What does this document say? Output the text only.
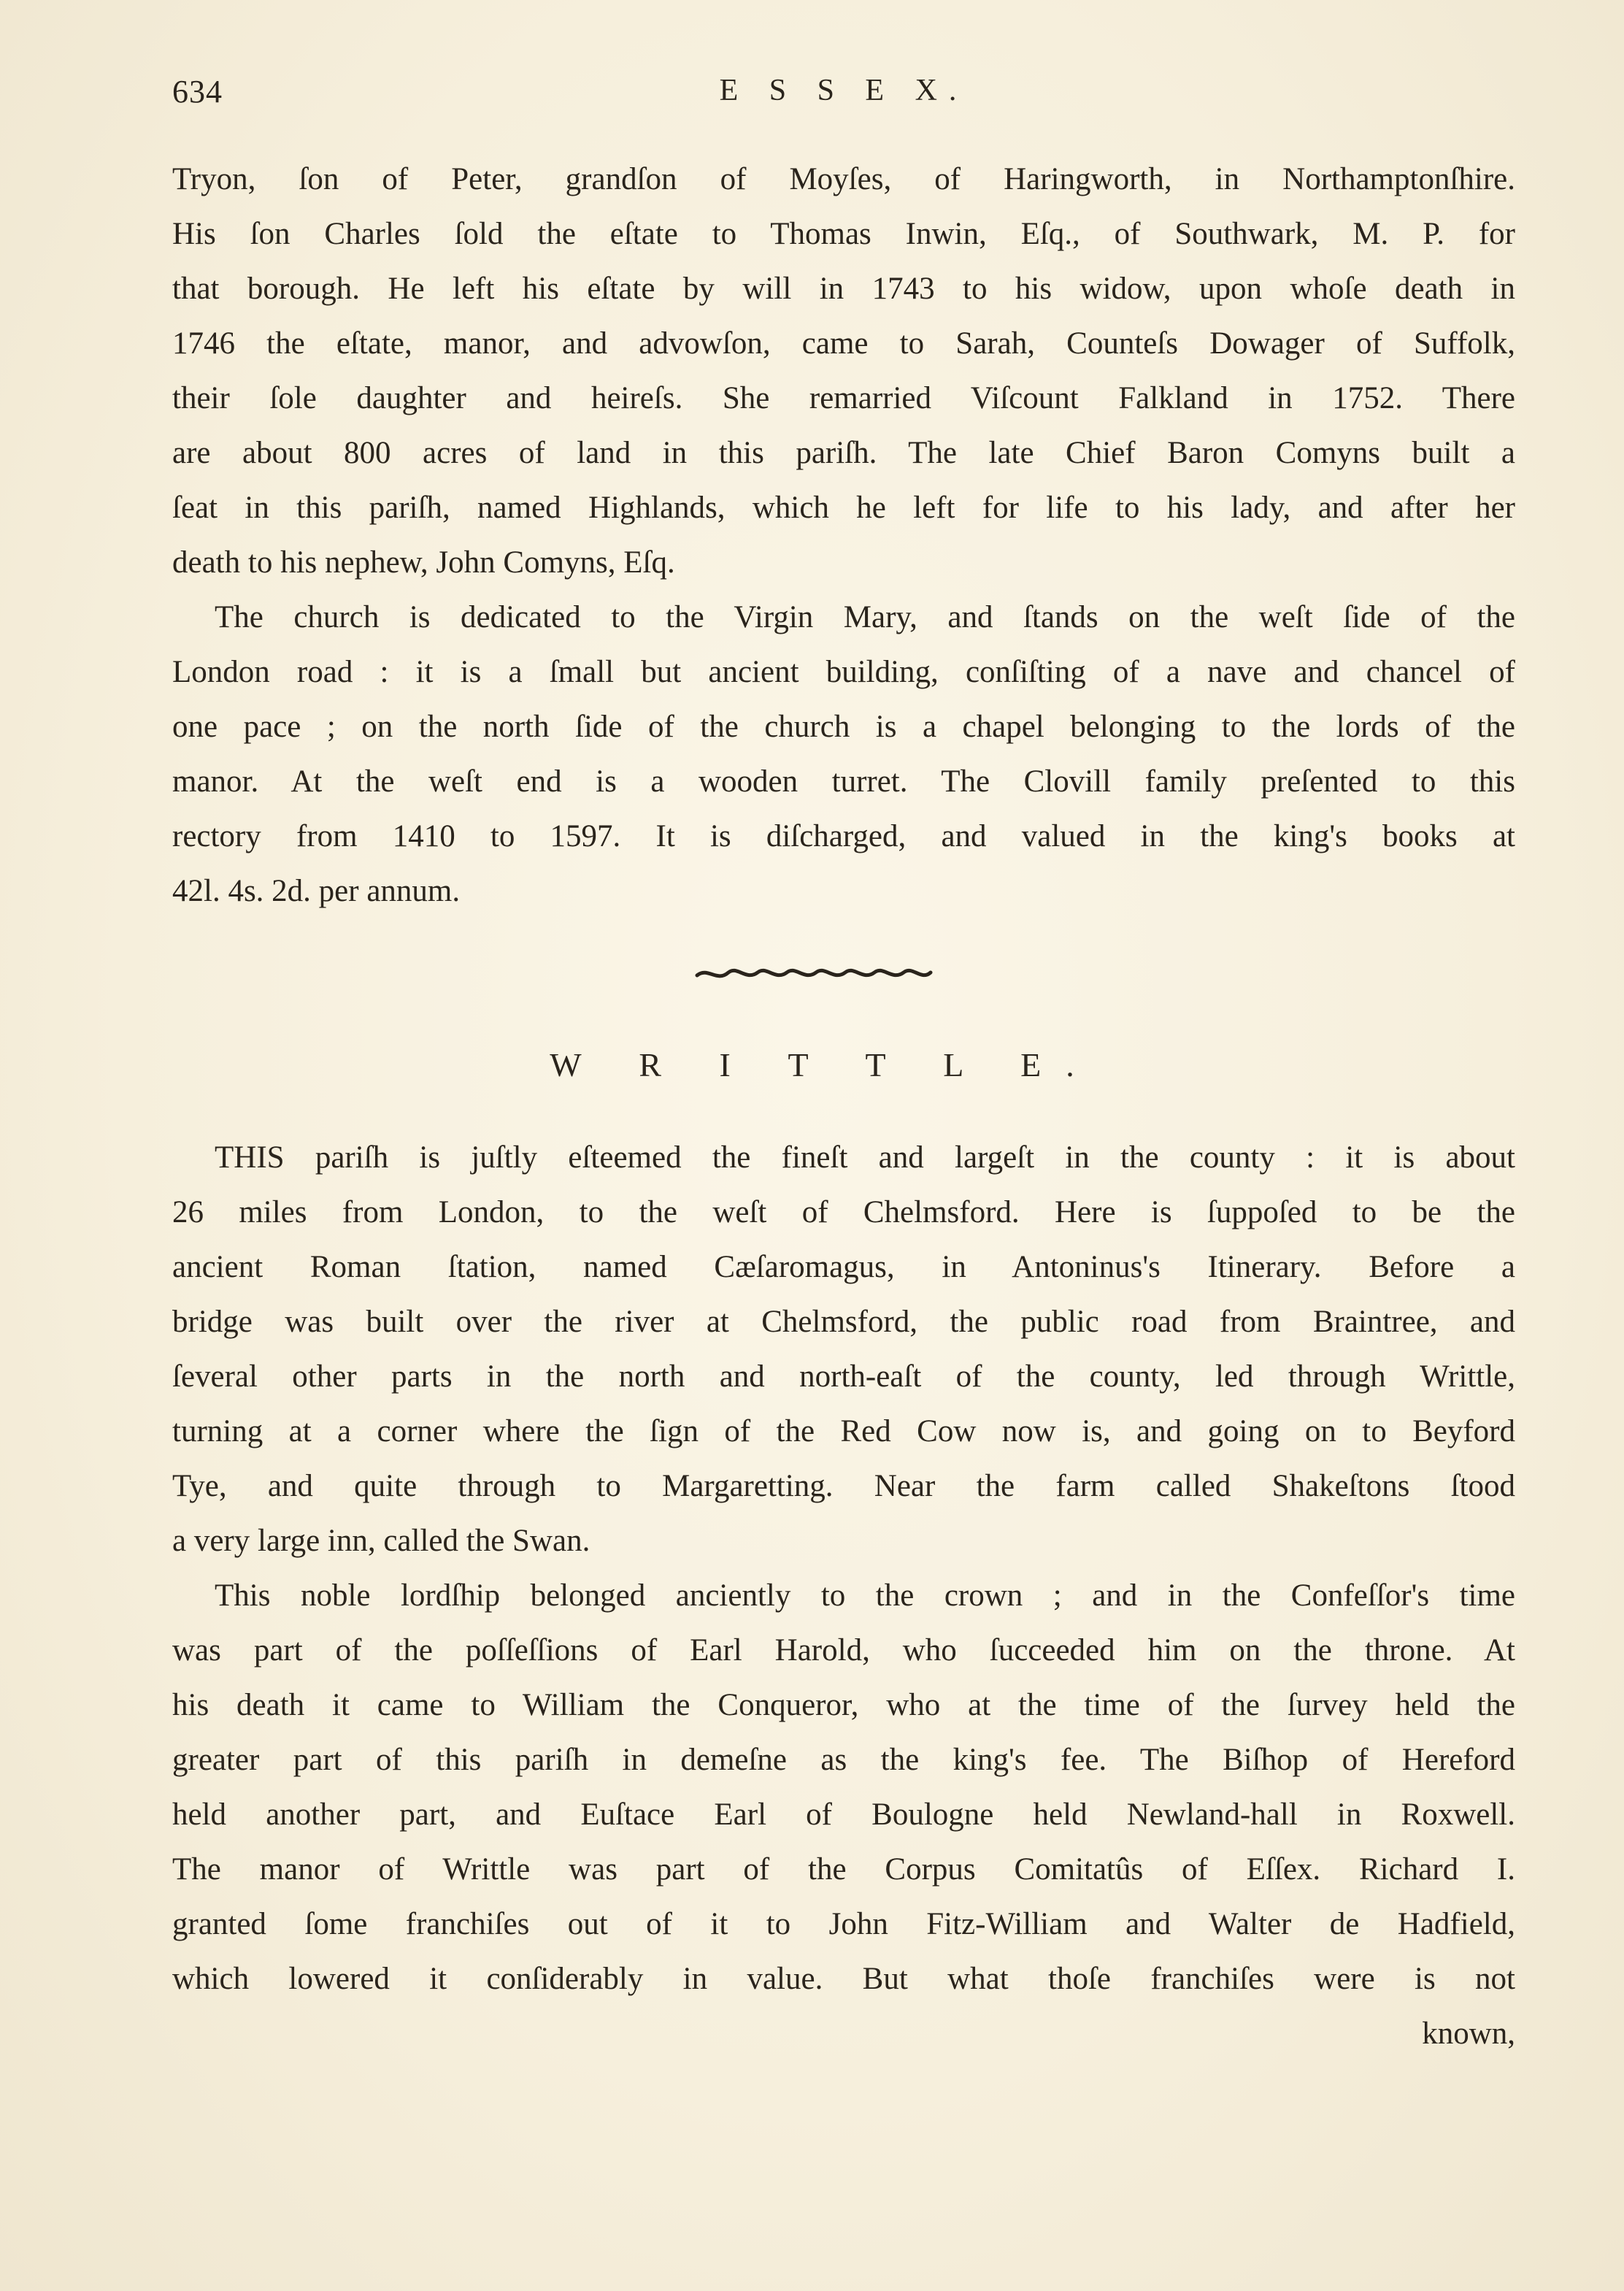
634	E S S E X.
Tryon, ſon of Peter, grandſon of Moyſes, of Haringworth, in Northamptonſhire.
His ſon Charles ſold the eſtate to Thomas Inwin, Eſq., of Southwark, M. P. for
that borough. He left his eſtate by will in 1743 to his widow, upon whoſe death in
1746 the eſtate, manor, and advowſon, came to Sarah, Counteſs Dowager of Suffolk,
their ſole daughter and heireſs. She remarried Viſcount Falkland in 1752. There
are about 800 acres of land in this pariſh. The late Chief Baron Comyns built a
ſeat in this pariſh, named Highlands, which he left for life to his lady, and after her
death to his nephew, John Comyns, Eſq.
The church is dedicated to the Virgin Mary, and ſtands on the weſt ſide of the
London road : it is a ſmall but ancient building, conſiſting of a nave and chancel of
one pace ; on the north ſide of the church is a chapel belonging to the lords of the
manor. At the weſt end is a wooden turret. The Clovill family preſented to this
rectory from 1410 to 1597. It is diſcharged, and valued in the king's books at
42l. 4s. 2d. per annum.
W R I T T L E.
THIS pariſh is juſtly eſteemed the fineſt and largeſt in the county : it is about
26 miles from London, to the weſt of Chelmsford. Here is ſuppoſed to be the
ancient Roman ſtation, named Cæſaromagus, in Antoninus's Itinerary. Before a
bridge was built over the river at Chelmsford, the public road from Braintree, and
ſeveral other parts in the north and north-eaſt of the county, led through Writtle,
turning at a corner where the ſign of the Red Cow now is, and going on to Beyford
Tye, and quite through to Margaretting. Near the farm called Shakeſtons ſtood
a very large inn, called the Swan.
This noble lordſhip belonged anciently to the crown ; and in the Confeſſor's time
was part of the poſſeſſions of Earl Harold, who ſucceeded him on the throne. At
his death it came to William the Conqueror, who at the time of the ſurvey held the
greater part of this pariſh in demeſne as the king's fee. The Biſhop of Hereford
held another part, and Euſtace Earl of Boulogne held Newland-hall in Roxwell.
The manor of Writtle was part of the Corpus Comitatûs of Eſſex. Richard I.
granted ſome franchiſes out of it to John Fitz-William and Walter de Hadfield,
which lowered it conſiderably in value. But what thoſe franchiſes were is not
known,
